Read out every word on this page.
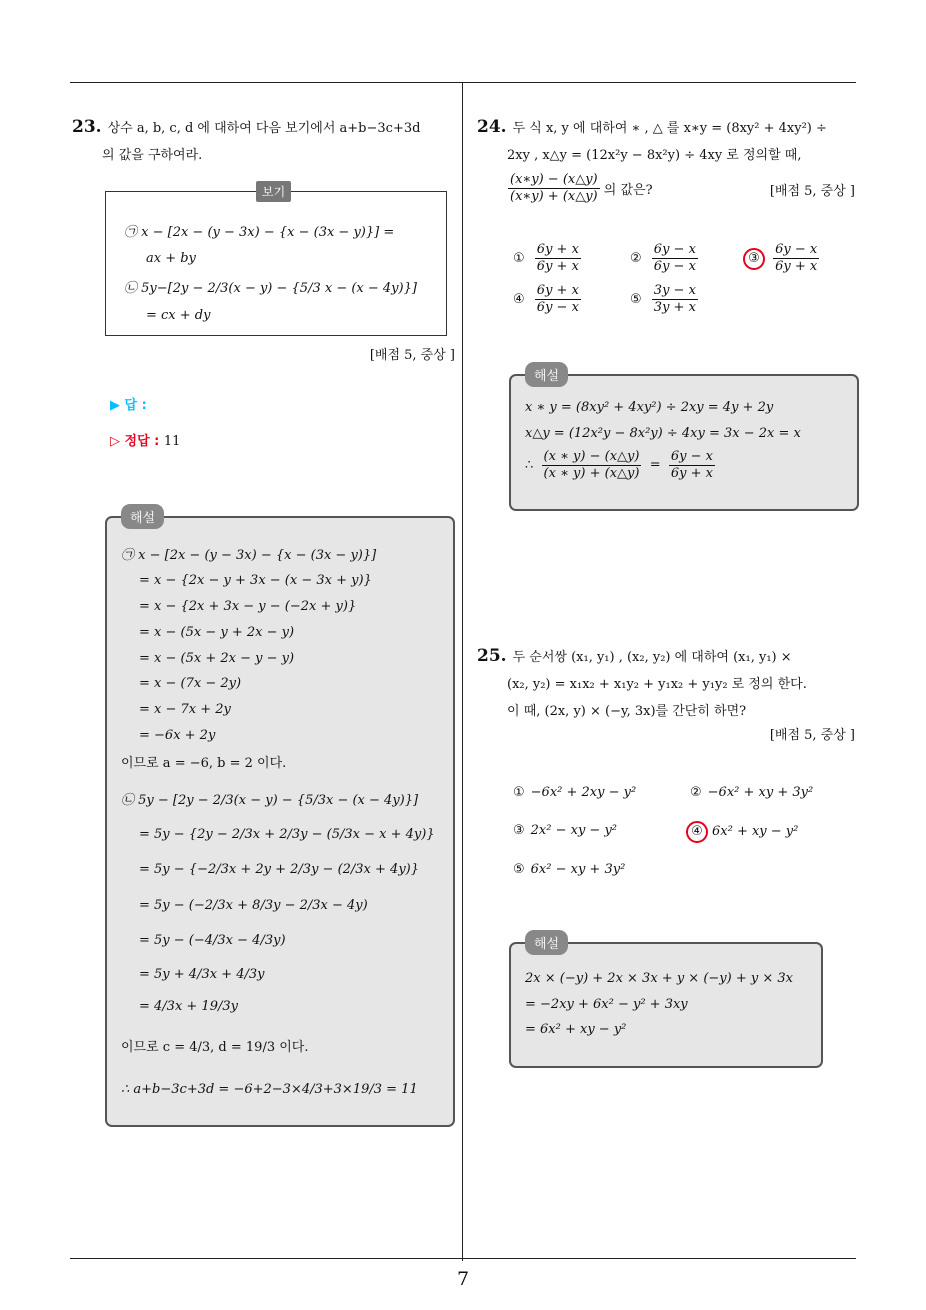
7
23. 상수 a, b, c, d 에 대하여 다음 보기에서 a+b−3c+3d
의 값을 구하여라.
보기
㉠ x − [2x − (y − 3x) − {x − (3x − y)}] =
ax + by
㉡ 5y−[2y − 2/3(x − y) − {5/3 x − (x − 4y)}]
= cx + dy
[배점 5, 중상 ]
▶ 답 :
▷ 정답 : 11
해설
㉠ x − [2x − (y − 3x) − {x − (3x − y)}]
= x − {2x − y + 3x − (x − 3x + y)}
= x − {2x + 3x − y − (−2x + y)}
= x − (5x − y + 2x − y)
= x − (5x + 2x − y − y)
= x − (7x − 2y)
= x − 7x + 2y
= −6x + 2y
이므로 a = −6, b = 2 이다.
㉡ 5y − [2y − 2/3(x − y) − {5/3x − (x − 4y)}]
= 5y − {2y − 2/3x + 2/3y − (5/3x − x + 4y)}
= 5y − {−2/3x + 2y + 2/3y − (2/3x + 4y)}
= 5y − (−2/3x + 8/3y − 2/3x − 4y)
= 5y − (−4/3x − 4/3y)
= 5y + 4/3x + 4/3y
= 4/3x + 19/3y
이므로 c = 4/3, d = 19/3 이다.
∴ a+b−3c+3d = −6+2−3×4/3+3×19/3 = 11
24. 두 식 x, y 에 대하여 ∗ , △ 를 x∗y = (8xy² + 4xy²) ÷
2xy , x△y = (12x²y − 8x²y) ÷ 4xy 로 정의할 때,
$\frac{(x∗y) - (x\triangle y)}{(x∗y) + (x\triangle y)}$ 의 값은?	[배점 5, 중상 ]
① $\frac{6y + x}{6y + x}$	② $\frac{6y - x}{6y - x}$	③ $\frac{6y - x}{6y + x}$
④ $\frac{6y + x}{6y - x}$	⑤ $\frac{3y - x}{3y + x}$
해설
x ∗ y = (8xy² + 4xy²) ÷ 2xy = 4y + 2y
x△y = (12x²y − 8x²y) ÷ 4xy = 3x − 2x = x
∴ $\frac{(x ∗ y) - (x\triangle y)}{(x ∗ y) + (x\triangle y)} = \frac{6y - x}{6y + x}$
25. 두 순서쌍 (x₁, y₁) , (x₂, y₂) 에 대하여 (x₁, y₁) ×
(x₂, y₂) = x₁x₂ + x₁y₂ + y₁x₂ + y₁y₂ 로 정의 한다.
이 때, (2x, y) × (−y, 3x)를 간단히 하면?
[배점 5, 중상 ]
① −6x² + 2xy − y²	② −6x² + xy + 3y²
③ 2x² − xy − y²	④ 6x² + xy − y²
⑤ 6x² − xy + 3y²
해설
2x × (−y) + 2x × 3x + y × (−y) + y × 3x
= −2xy + 6x² − y² + 3xy
= 6x² + xy − y²
